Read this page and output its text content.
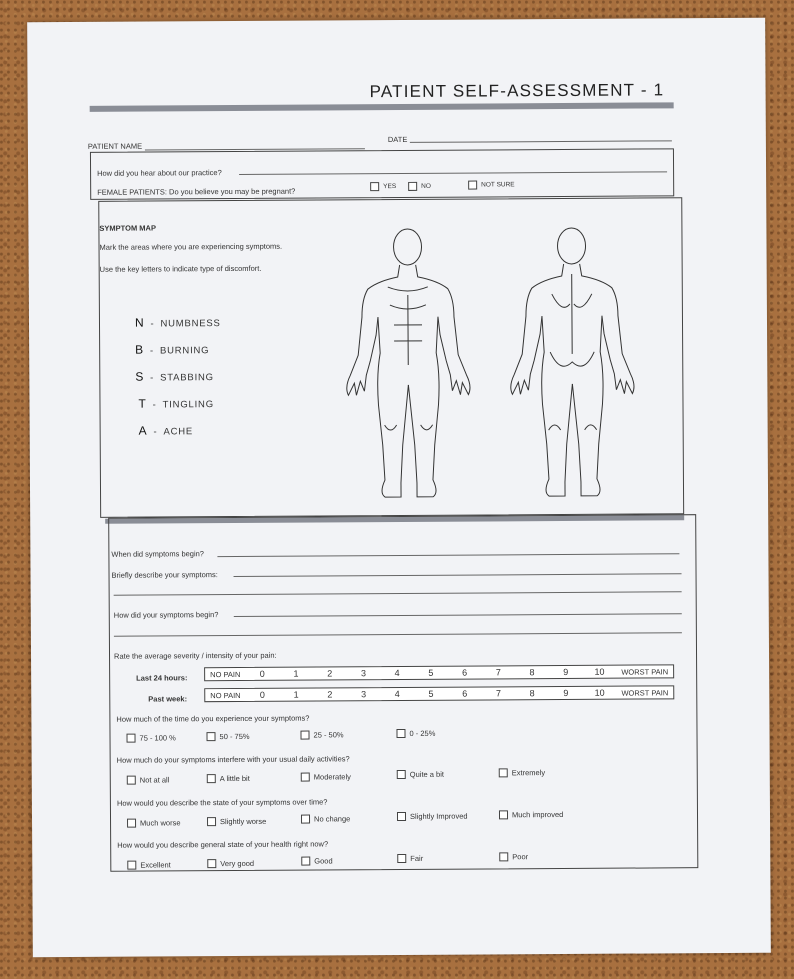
PATIENT SELF-ASSESSMENT - 1
PATIENT NAME
DATE
How did you hear about our practice?
FEMALE PATIENTS: Do you believe you may be pregnant?
YES	NO	NOT SURE
SYMPTOM MAP
Mark the areas where you are experiencing symptoms.
Use the key letters to indicate type of discomfort.
N - NUMBNESS
B - BURNING
S - STABBING
T - TINGLING
A - ACHE
When did symptoms begin?
Briefly describe your symptoms:
How did your symptoms begin?
Rate the average severity / intensity of your pain:
Last 24 hours:	NO PAIN	0	1	2	3	4	5	6	7	8	9	10	WORST PAIN
Past week:	NO PAIN	0	1	2	3	4	5	6	7	8	9	10	WORST PAIN
How much of the time do you experience your symptoms?
75 - 100 %	50 - 75%	25 - 50%	0 - 25%
How much do your symptoms interfere with your usual daily activities?
Not at all	A little bit	Moderately	Quite a bit	Extremely
How would you describe the state of your symptoms over time?
Much worse	Slightly worse	No change	Slightly Improved	Much improved
How would you describe general state of your health right now?
Excellent	Very good	Good	Fair	Poor
